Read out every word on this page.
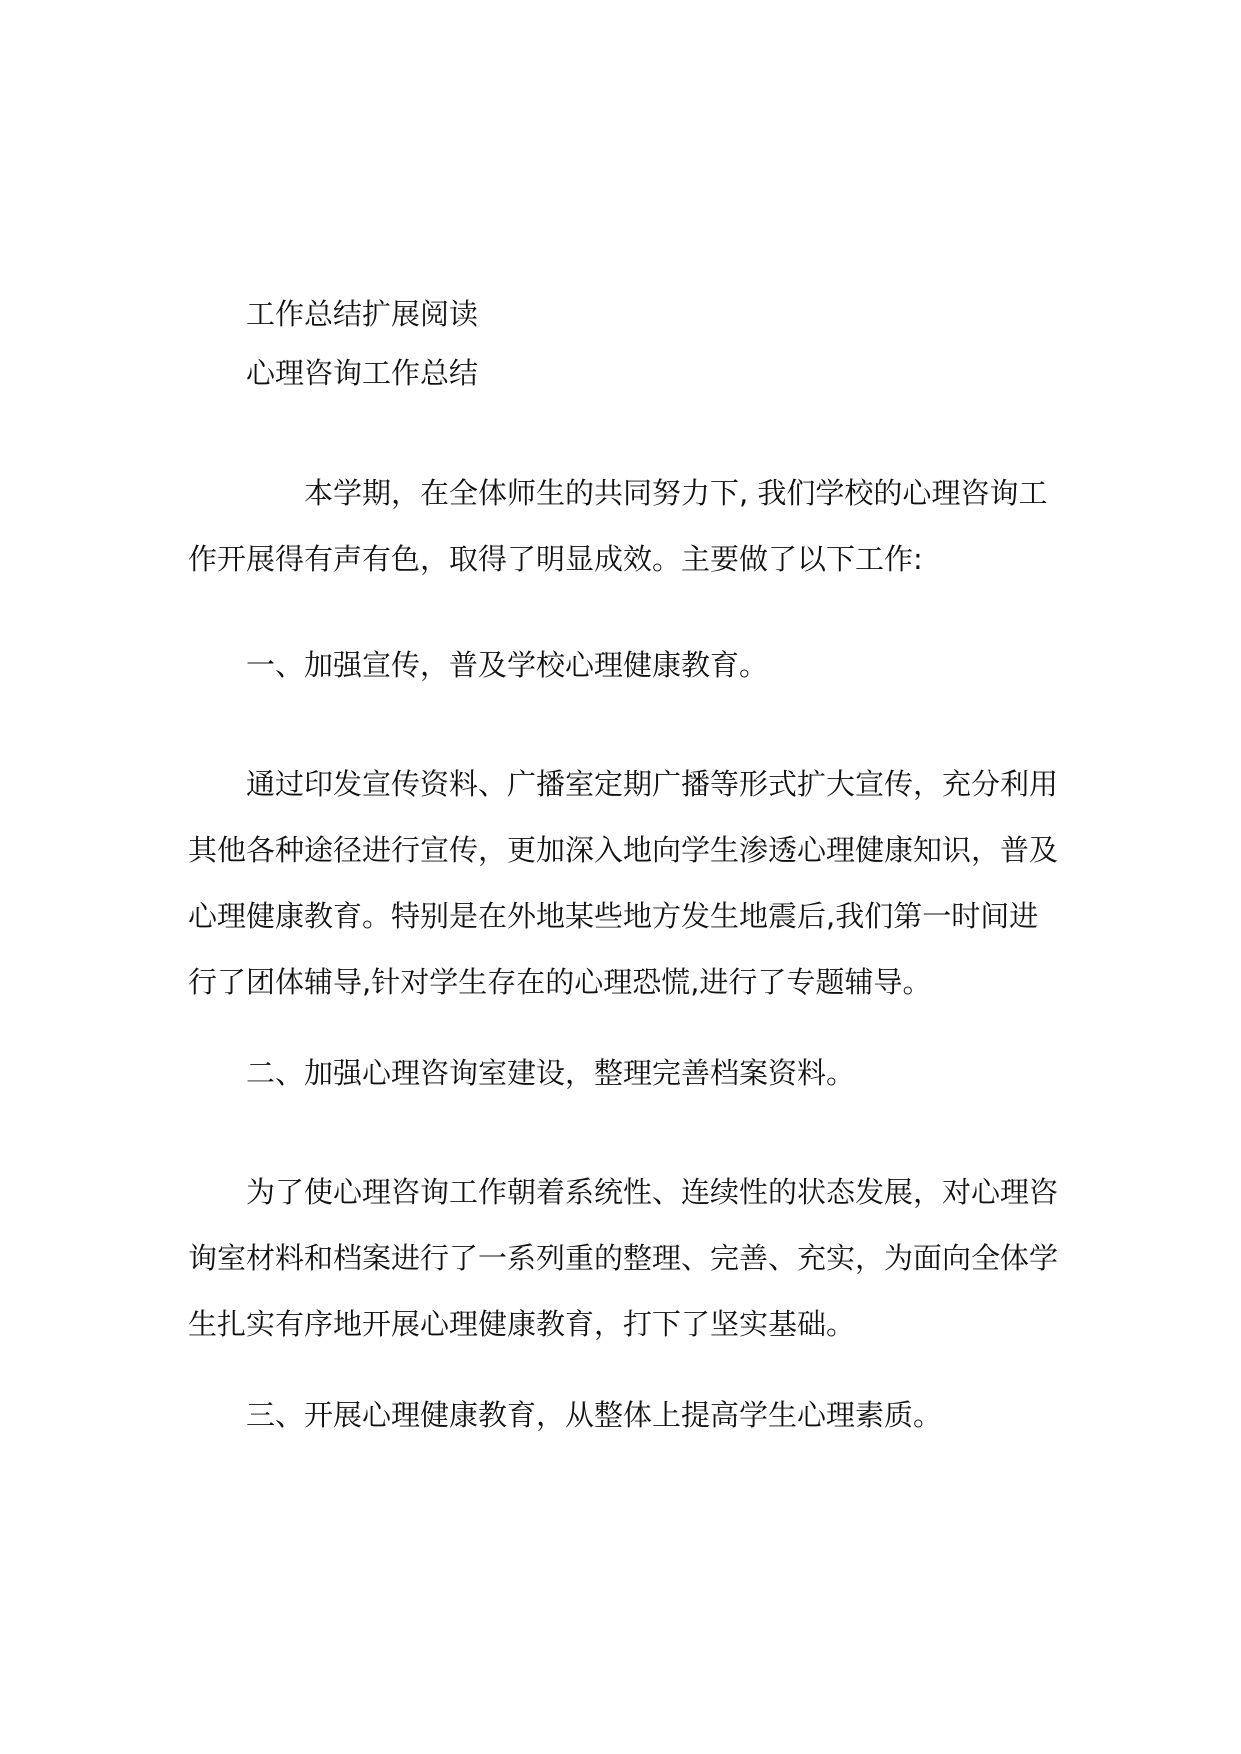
工作总结扩展阅读
心理咨询工作总结
本学期，在全体师生的共同努力下, 我们学校的心理咨询工
作开展得有声有色，取得了明显成效。主要做了以下工作:
一、加强宣传，普及学校心理健康教育。
通过印发宣传资料、广播室定期广播等形式扩大宣传，充分利用
其他各种途径进行宣传，更加深入地向学生渗透心理健康知识，普及
心理健康教育。特别是在外地某些地方发生地震后,我们第一时间进
行了团体辅导,针对学生存在的心理恐慌,进行了专题辅导。
二、加强心理咨询室建设，整理完善档案资料。
为了使心理咨询工作朝着系统性、连续性的状态发展，对心理咨
询室材料和档案进行了一系列重的整理、完善、充实，为面向全体学
生扎实有序地开展心理健康教育，打下了坚实基础。
三、开展心理健康教育，从整体上提高学生心理素质。
